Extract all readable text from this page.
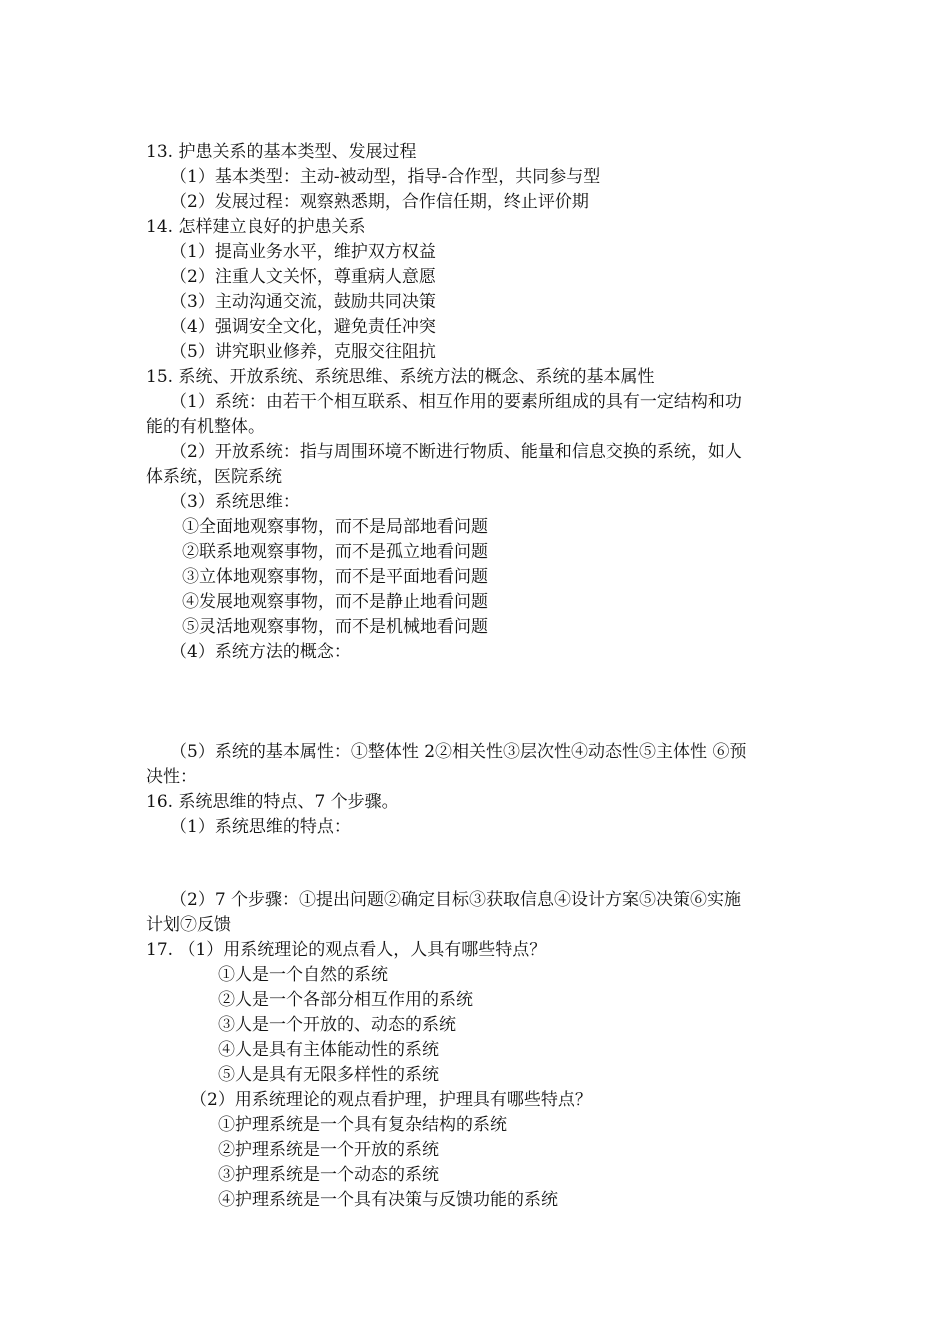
13. 护患关系的基本类型、发展过程
（1）基本类型：主动-被动型，指导-合作型，共同参与型
（2）发展过程：观察熟悉期，合作信任期，终止评价期
14. 怎样建立良好的护患关系
（1）提高业务水平，维护双方权益
（2）注重人文关怀，尊重病人意愿
（3）主动沟通交流，鼓励共同决策
（4）强调安全文化，避免责任冲突
（5）讲究职业修养，克服交往阻抗
15. 系统、开放系统、系统思维、系统方法的概念、系统的基本属性
（1）系统：由若干个相互联系、相互作用的要素所组成的具有一定结构和功
能的有机整体。
（2）开放系统：指与周围环境不断进行物质、能量和信息交换的系统，如人
体系统，医院系统
（3）系统思维：
①全面地观察事物，而不是局部地看问题
②联系地观察事物，而不是孤立地看问题
③立体地观察事物，而不是平面地看问题
④发展地观察事物，而不是静止地看问题
⑤灵活地观察事物，而不是机械地看问题
（4）系统方法的概念：
（5）系统的基本属性：①整体性 2②相关性③层次性④动态性⑤主体性 ⑥预
决性：
16. 系统思维的特点、7 个步骤。
（1）系统思维的特点：
（2）7 个步骤：①提出问题②确定目标③获取信息④设计方案⑤决策⑥实施
计划⑦反馈
17. （1）用系统理论的观点看人，人具有哪些特点？
①人是一个自然的系统
②人是一个各部分相互作用的系统
③人是一个开放的、动态的系统
④人是具有主体能动性的系统
⑤人是具有无限多样性的系统
（2）用系统理论的观点看护理，护理具有哪些特点？
①护理系统是一个具有复杂结构的系统
②护理系统是一个开放的系统
③护理系统是一个动态的系统
④护理系统是一个具有决策与反馈功能的系统
